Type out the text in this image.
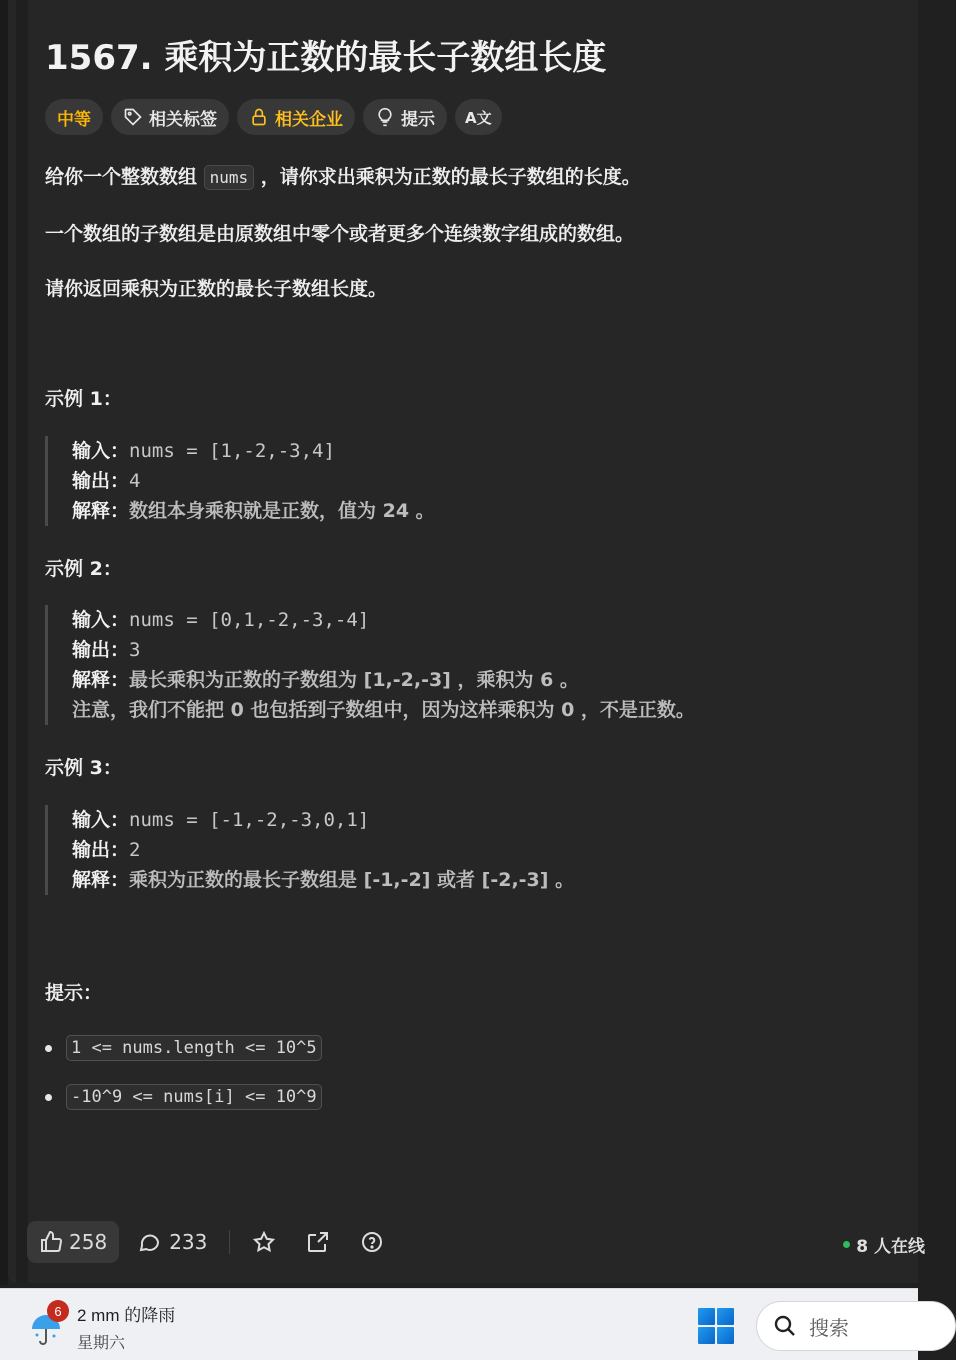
1567. 乘积为正数的最长子数组长度
中等	相关标签	相关企业	提示 A文

给你一个整数数组 nums ，请你求出乘积为正数的最长子数组的长度。

一个数组的子数组是由原数组中零个或者更多个连续数字组成的数组。

请你返回乘积为正数的最长子数组长度。

示例 1：

输入：nums = [1,-2,-3,4]
输出：4
解释：数组本身乘积就是正数，值为 24 。

示例 2：

输入：nums = [0,1,-2,-3,-4]
输出：3
解释：最长乘积为正数的子数组为 [1,-2,-3] ，乘积为 6 。
注意，我们不能把 0 也包括到子数组中，因为这样乘积为 0 ，不是正数。

示例 3：

输入：nums = [-1,-2,-3,0,1]
输出：2
解释：乘积为正数的最长子数组是 [-1,-2] 或者 [-2,-3] 。

提示：

1 <= nums.length <= 10^5
-10^9 <= nums[i] <= 10^9
258	233	8 人在线
6 2 mm 的降雨
星期六
搜索
